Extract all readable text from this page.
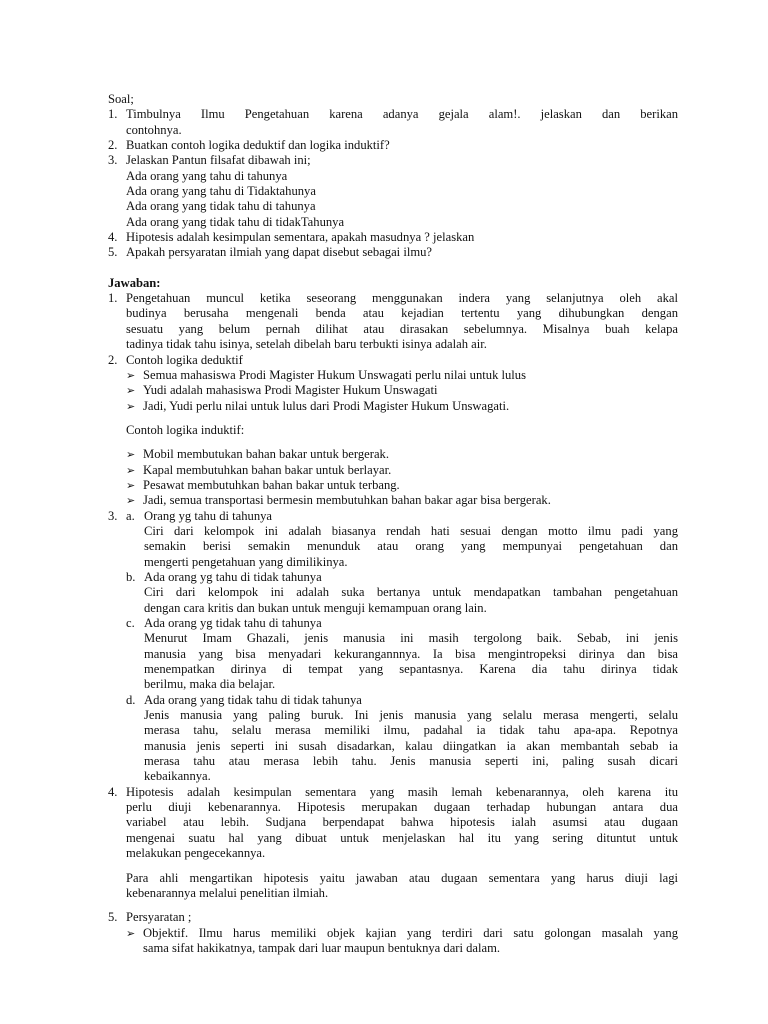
Soal;
1. Timbulnya Ilmu Pengetahuan karena adanya gejala alam!. jelaskan dan berikan
contohnya.
2. Buatkan contoh logika deduktif dan logika induktif?
3. Jelaskan Pantun filsafat dibawah ini;
Ada orang yang tahu di tahunya
Ada orang yang tahu di Tidaktahunya
Ada orang yang tidak tahu di tahunya
Ada orang yang tidak tahu di tidakTahunya
4. Hipotesis adalah kesimpulan sementara, apakah masudnya ? jelaskan
5. Apakah persyaratan ilmiah yang dapat disebut sebagai ilmu?
Jawaban:
1. Pengetahuan muncul ketika seseorang menggunakan indera yang selanjutnya oleh akal
budinya berusaha mengenali benda atau kejadian tertentu yang dihubungkan dengan
sesuatu yang belum pernah dilihat atau dirasakan sebelumnya. Misalnya buah kelapa
tadinya tidak tahu isinya, setelah dibelah baru terbukti isinya adalah air.
2. Contoh logika deduktif
➢ Semua mahasiswa Prodi Magister Hukum Unswagati perlu nilai untuk lulus
➢ Yudi adalah mahasiswa Prodi Magister Hukum Unswagati
➢ Jadi, Yudi perlu nilai untuk lulus dari Prodi Magister Hukum Unswagati.
Contoh logika induktif:
➢ Mobil membutukan bahan bakar untuk bergerak.
➢ Kapal membutuhkan bahan bakar untuk berlayar.
➢ Pesawat membutuhkan bahan bakar untuk terbang.
➢ Jadi, semua transportasi bermesin membutuhkan bahan bakar agar bisa bergerak.
3. a. Orang yg tahu di tahunya
Ciri dari kelompok ini adalah biasanya rendah hati sesuai dengan motto ilmu padi yang
semakin berisi semakin menunduk atau orang yang mempunyai pengetahuan dan
mengerti pengetahuan yang dimilikinya.
b. Ada orang yg tahu di tidak tahunya
Ciri dari kelompok ini adalah suka bertanya untuk mendapatkan tambahan pengetahuan
dengan cara kritis dan bukan untuk menguji kemampuan orang lain.
c. Ada orang yg tidak tahu di tahunya
Menurut Imam Ghazali, jenis manusia ini masih tergolong baik. Sebab, ini jenis
manusia yang bisa menyadari kekurangannnya. Ia bisa mengintropeksi dirinya dan bisa
menempatkan dirinya di tempat yang sepantasnya. Karena dia tahu dirinya tidak
berilmu, maka dia belajar.
d. Ada orang yang tidak tahu di tidak tahunya
Jenis manusia yang paling buruk. Ini jenis manusia yang selalu merasa mengerti, selalu
merasa tahu, selalu merasa memiliki ilmu, padahal ia tidak tahu apa-apa. Repotnya
manusia jenis seperti ini susah disadarkan, kalau diingatkan ia akan membantah sebab ia
merasa tahu atau merasa lebih tahu. Jenis manusia seperti ini, paling susah dicari
kebaikannya.
4. Hipotesis adalah kesimpulan sementara yang masih lemah kebenarannya, oleh karena itu
perlu diuji kebenarannya. Hipotesis merupakan dugaan terhadap hubungan antara dua
variabel atau lebih. Sudjana berpendapat bahwa hipotesis ialah asumsi atau dugaan
mengenai suatu hal yang dibuat untuk menjelaskan hal itu yang sering dituntut untuk
melakukan pengecekannya.
Para ahli mengartikan hipotesis yaitu jawaban atau dugaan sementara yang harus diuji lagi
kebenarannya melalui penelitian ilmiah.
5. Persyaratan ;
➢ Objektif. Ilmu harus memiliki objek kajian yang terdiri dari satu golongan masalah yang
sama sifat hakikatnya, tampak dari luar maupun bentuknya dari dalam.
